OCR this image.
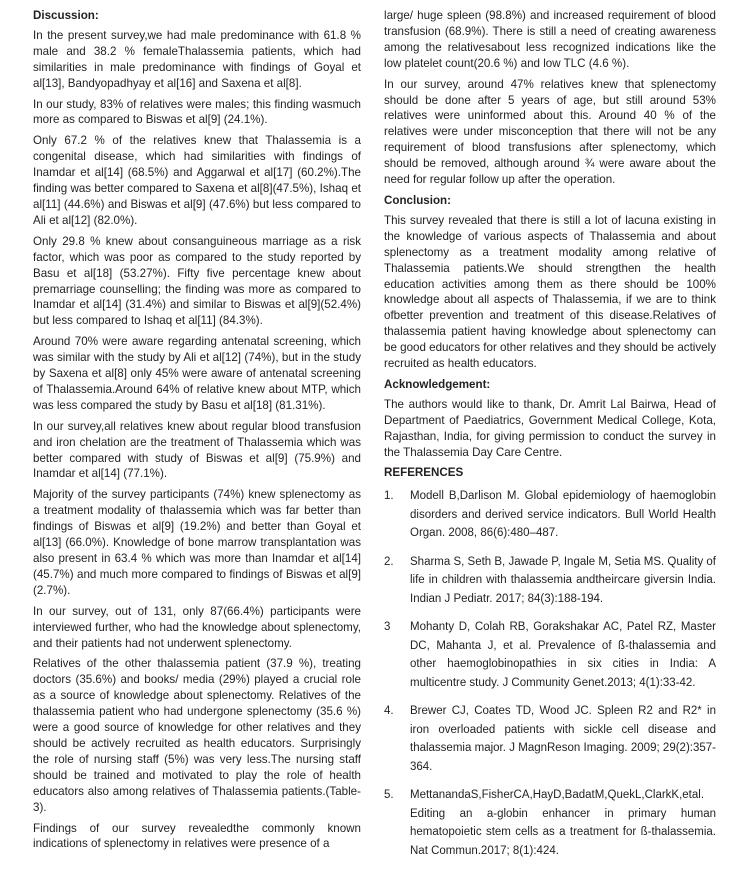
Discussion:

In the present survey,we had male predominance with 61.8 % male and 38.2 % femaleThalassemia patients, which had similarities in male predominance with findings of Goyal et al[13], Bandyopadhyay et al[16] and Saxena et al[8].

In our study, 83% of relatives were males; this finding wasmuch more as compared to Biswas et al[9] (24.1%).

Only 67.2 % of the relatives knew that Thalassemia is a congenital disease, which had similarities with findings of Inamdar et al[14] (68.5%) and Aggarwal et al[17] (60.2%).The finding was better compared to Saxena et al[8](47.5%), Ishaq et al[11] (44.6%) and Biswas et al[9] (47.6%) but less compared to Ali et al[12] (82.0%).

Only 29.8 % knew about consanguineous marriage as a risk factor, which was poor as compared to the study reported by Basu et al[18] (53.27%). Fifty five percentage knew about premarriage counselling; the finding was more as compared to Inamdar et al[14] (31.4%) and similar to Biswas et al[9](52.4%) but less compared to Ishaq et al[11] (84.3%).

Around 70% were aware regarding antenatal screening, which was similar with the study by Ali et al[12] (74%), but in the study by Saxena et al[8] only 45% were aware of antenatal screening of Thalassemia.Around 64% of relative knew about MTP, which was less compared the study by Basu et al[18] (81.31%).

In our survey,all relatives knew about regular blood transfusion and iron chelation are the treatment of Thalassemia which was better compared with study of Biswas et al[9] (75.9%) and Inamdar et al[14] (77.1%).

Majority of the survey participants (74%) knew splenectomy as a treatment modality of thalassemia which was far better than findings of Biswas et al[9] (19.2%) and better than Goyal et al[13] (66.0%). Knowledge of bone marrow transplantation was also present in 63.4 % which was more than Inamdar et al[14] (45.7%) and much more compared to findings of Biswas et al[9] (2.7%).

In our survey, out of 131, only 87(66.4%) participants were interviewed further, who had the knowledge about splenectomy, and their patients had not underwent splenectomy.

Relatives of the other thalassemia patient (37.9 %), treating doctors (35.6%) and books/ media (29%) played a crucial role as a source of knowledge about splenectomy. Relatives of the thalassemia patient who had undergone splenectomy (35.6 %) were a good source of knowledge for other relatives and they should be actively recruited as health educators. Surprisingly the role of nursing staff (5%) was very less.The nursing staff should be trained and motivated to play the role of health educators also among relatives of Thalassemia patients.(Table-3).

Findings of our survey revealedthe commonly known indications of splenectomy in relatives were presence of a

large/ huge spleen (98.8%) and increased requirement of blood transfusion (68.9%). There is still a need of creating awareness among the relativesabout less recognized indications like the low platelet count(20.6 %) and low TLC (4.6 %).

In our survey, around 47% relatives knew that splenectomy should be done after 5 years of age, but still around 53% relatives were uninformed about this. Around 40 % of the relatives were under misconception that there will not be any requirement of blood transfusions after splenectomy, which should be removed, although around ¾ were aware about the need for regular follow up after the operation.

Conclusion:

This survey revealed that there is still a lot of lacuna existing in the knowledge of various aspects of Thalassemia and about splenectomy as a treatment modality among relative of Thalassemia patients.We should strengthen the health education activities among them as there should be 100% knowledge about all aspects of Thalassemia, if we are to think ofbetter prevention and treatment of this disease.Relatives of thalassemia patient having knowledge about splenectomy can be good educators for other relatives and they should be actively recruited as health educators.

Acknowledgement:

The authors would like to thank, Dr. Amrit Lal Bairwa, Head of Department of Paediatrics, Government Medical College, Kota, Rajasthan, India, for giving permission to conduct the survey in the Thalassemia Day Care Centre.

REFERENCES
1.	Modell B,Darlison M. Global epidemiology of haemoglobin disorders and derived service indicators. Bull World Health Organ. 2008, 86(6):480–487.
2.	Sharma S, Seth B, Jawade P, Ingale M, Setia MS. Quality of life in children with thalassemia andtheircare giversin India. Indian J Pediatr. 2017; 84(3):188-194.
3	Mohanty D, Colah RB, Gorakshakar AC, Patel RZ, Master DC, Mahanta J, et al. Prevalence of ß-thalassemia and other haemoglobinopathies in six cities in India: A multicentre study. J Community Genet.2013; 4(1):33-42.
4.	Brewer CJ, Coates TD, Wood JC. Spleen R2 and R2* in iron overloaded patients with sickle cell disease and thalassemia major. J MagnReson Imaging. 2009; 29(2):357-364.
5.	MettanandaS,FisherCA,HayD,BadatM,QuekL,ClarkK,etal. Editing an a-globin enhancer in primary human hematopoietic stem cells as a treatment for ß-thalassemia. Nat Commun.2017; 8(1):424.
